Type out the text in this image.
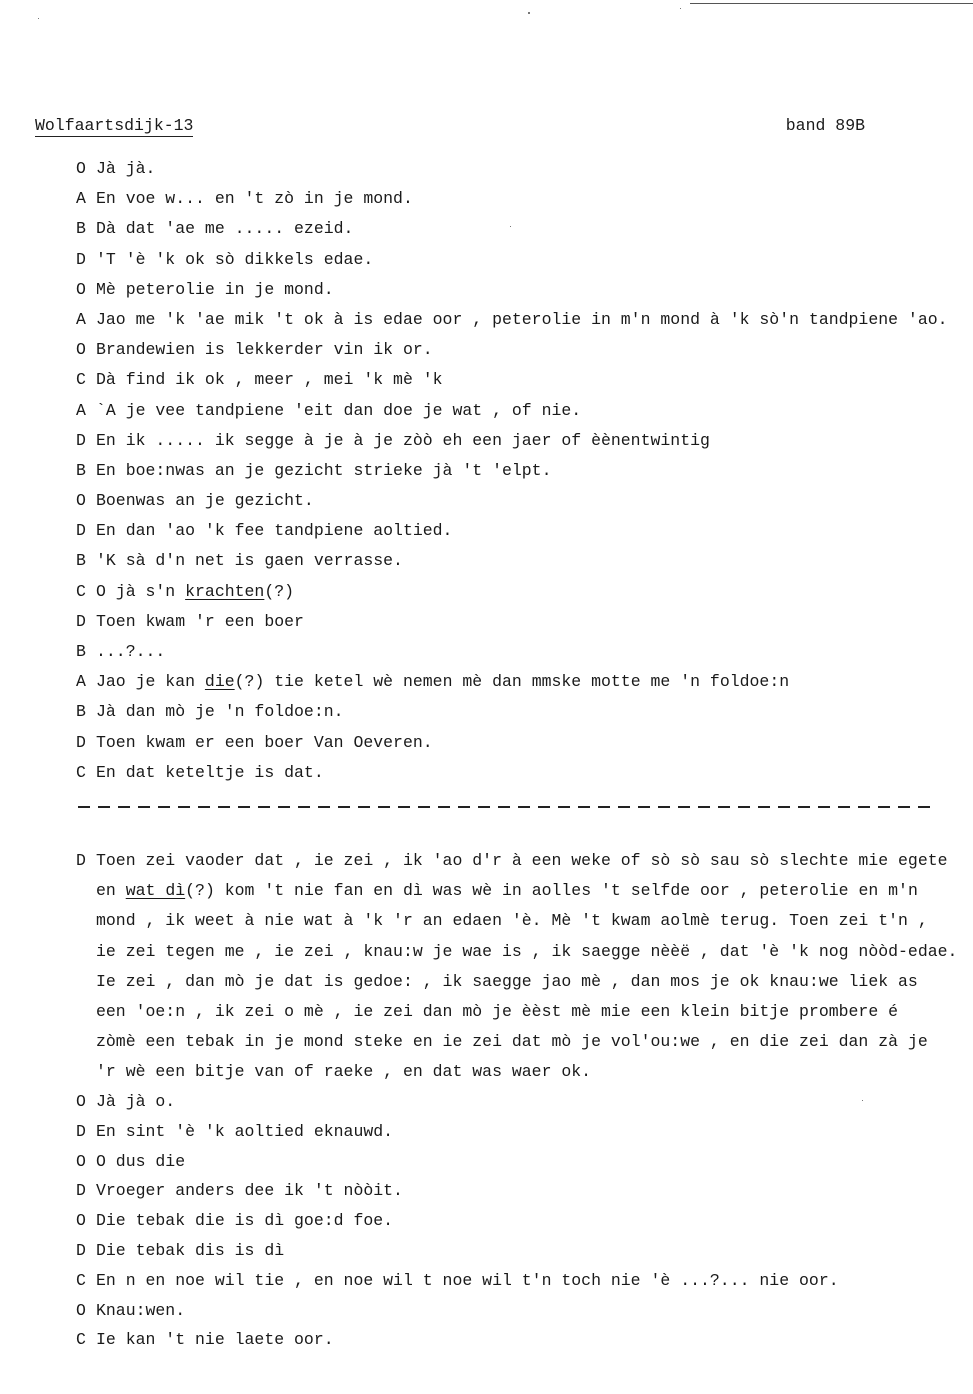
Wolfaartsdijk-13	band 89B
O Jà jà.
A En voe w... en 't zò in je mond.
B Dà dat 'ae me ..... ezeid.
D 'T 'è 'k ok sò dikkels edae.
O Mè peterolie in je mond.
A Jao me 'k 'ae mik 't ok à is edae oor , peterolie in m'n mond à 'k sò'n tandpiene 'ao.
O Brandewien is lekkerder vin ik or.
C Dà find ik ok , meer , mei 'k mè 'k
A `A je vee tandpiene 'eit dan doe je wat , of nie.
D En ik ..... ik segge à je à je zòò eh een jaer of èènentwintig
B En boe:nwas an je gezicht strieke jà 't 'elpt.
O Boenwas an je gezicht.
D En dan 'ao 'k fee tandpiene aoltied.
B 'K sà d'n net is gaen verrasse.
C O jà s'n krachten(?)
D Toen kwam 'r een boer
B ...?...
A Jao je kan die(?) tie ketel wè nemen mè dan mmske motte me 'n foldoe:n
B Jà dan mò je 'n foldoe:n.
D Toen kwam er een boer Van Oeveren.
C En dat keteltje is dat.
D Toen zei vaoder dat , ie zei , ik 'ao d'r à een weke of sò sò sau sò slechte mie egete
en wat dì(?) kom 't nie fan en dì was wè in aolles 't selfde oor , peterolie en m'n
mond , ik weet à nie wat à 'k 'r an edaen 'è. Mè 't kwam aolmè terug. Toen zei t'n ,
ie zei tegen me , ie zei , knau:w je wae is , ik saegge nèèë , dat 'è 'k nog nòòd-edae.
Ie zei , dan mò je dat is gedoe: , ik saegge jao mè , dan mos je ok knau:we liek as
een 'oe:n , ik zei o mè , ie zei dan mò je èèst mè mie een klein bitje prombere é
zòmè een tebak in je mond steke en ie zei dat mò je vol'ou:we , en die zei dan zà je
'r wè een bitje van of raeke , en dat was waer ok.
O Jà jà o.
D En sint 'è 'k aoltied eknauwd.
O O dus die
D Vroeger anders dee ik 't nòòit.
O Die tebak die is dì goe:d foe.
D Die tebak dis is dì
C En n en noe wil tie , en noe wil t noe wil t'n toch nie 'è ...?... nie oor.
O Knau:wen.
C Ie kan 't nie laete oor.
